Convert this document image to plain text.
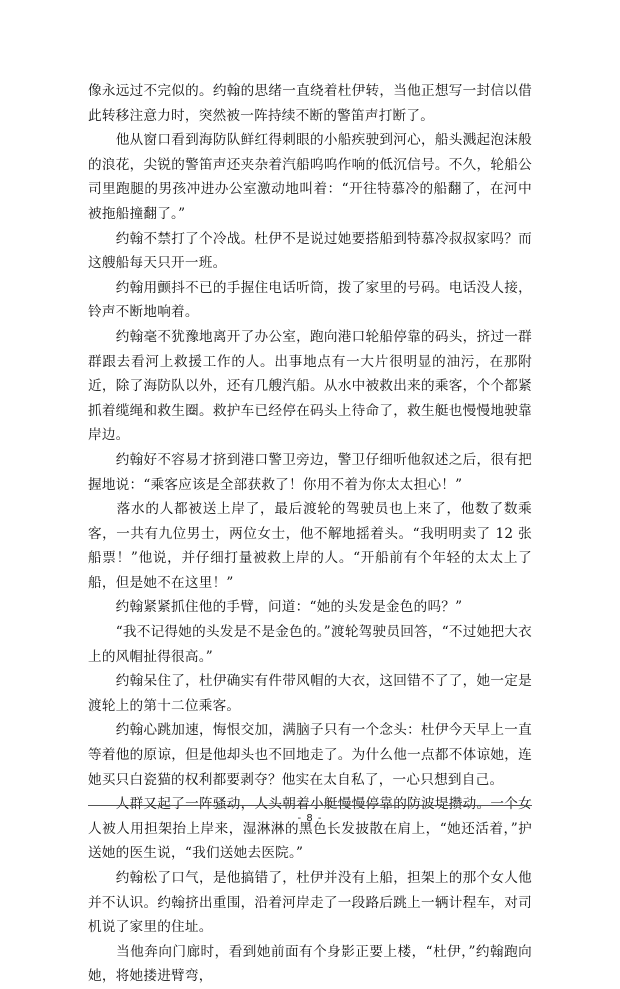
像永远过不完似的。约翰的思绪一直绕着杜伊转，当他正想写一封信以借此转移注意力时，突然被一阵持续不断的警笛声打断了。

　　他从窗口看到海防队鲜红得刺眼的小船疾驶到河心，船头溅起泡沫般的浪花，尖锐的警笛声还夹杂着汽船呜呜作响的低沉信号。不久，轮船公司里跑腿的男孩冲进办公室激动地叫着：“开往特慕冷的船翻了，在河中被拖船撞翻了。”

　　约翰不禁打了个冷战。杜伊不是说过她要搭船到特慕冷叔叔家吗？而这艘船每天只开一班。

　　约翰用颤抖不已的手握住电话听筒，拨了家里的号码。电话没人接，铃声不断地响着。

　　约翰毫不犹豫地离开了办公室，跑向港口轮船停靠的码头，挤过一群群跟去看河上救援工作的人。出事地点有一大片很明显的油污，在那附近，除了海防队以外，还有几艘汽船。从水中被救出来的乘客，个个都紧抓着缆绳和救生圈。救护车已经停在码头上待命了，救生艇也慢慢地驶靠岸边。

　　约翰好不容易才挤到港口警卫旁边，警卫仔细听他叙述之后，很有把握地说：“乘客应该是全部获救了！你用不着为你太太担心！”

　　落水的人都被送上岸了，最后渡轮的驾驶员也上来了，他数了数乘客，一共有九位男士，两位女士，他不解地摇着头。“我明明卖了 12 张船票！”他说，并仔细打量被救上岸的人。“开船前有个年轻的太太上了船，但是她不在这里！”

　　约翰紧紧抓住他的手臂，问道：“她的头发是金色的吗？”

　　“我不记得她的头发是不是金色的。”渡轮驾驶员回答，“不过她把大衣上的风帽扯得很高。”

　　约翰呆住了，杜伊确实有件带风帽的大衣，这回错不了了，她一定是渡轮上的第十二位乘客。

　　约翰心跳加速，悔恨交加，满脑子只有一个念头：杜伊今天早上一直等着他的原谅，但是他却头也不回地走了。为什么他一点都不体谅她，连她买只白瓷猫的权利都要剥夺？他实在太自私了，一心只想到自己。

　　人群又起了一阵骚动，人头朝着小艇慢慢停靠的防波堤攒动。一个女人被人用担架抬上岸来，湿淋淋的黑色长发披散在肩上，“她还活着，”护送她的医生说，“我们送她去医院。”

　　约翰松了口气，是他搞错了，杜伊并没有上船，担架上的那个女人他并不认识。约翰挤出重围，沿着河岸走了一段路后跳上一辆计程车，对司机说了家里的住址。

　　当他奔向门廊时，看到她前面有个身影正要上楼，“杜伊，”约翰跑向她，将她搂进臂弯，

- 8 -
